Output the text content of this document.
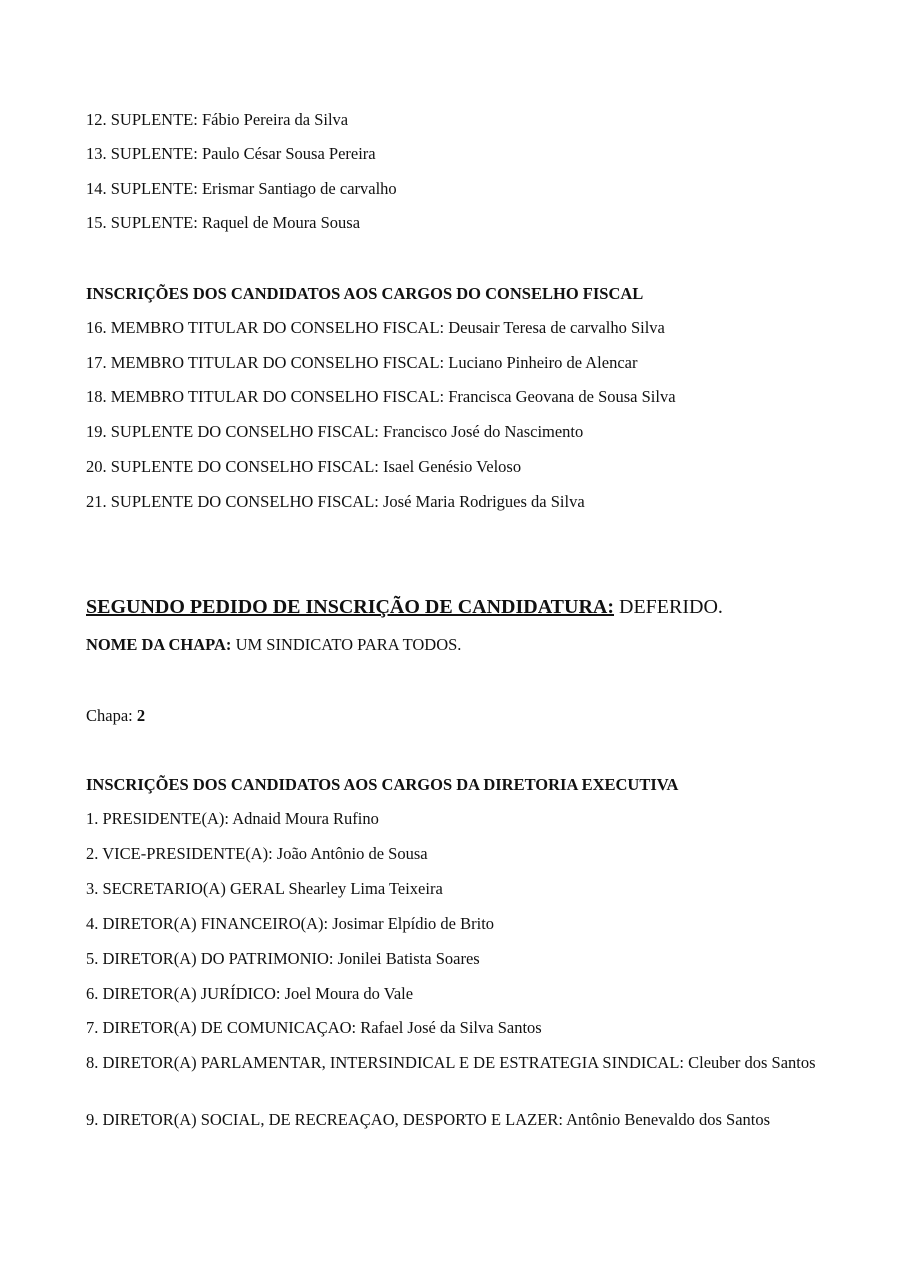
12. SUPLENTE: Fábio Pereira da Silva
13. SUPLENTE: Paulo César Sousa Pereira
14. SUPLENTE: Erismar Santiago de carvalho
15. SUPLENTE: Raquel de Moura Sousa
INSCRIÇÕES DOS CANDIDATOS AOS CARGOS DO CONSELHO FISCAL
16. MEMBRO TITULAR DO CONSELHO FISCAL: Deusair Teresa de carvalho Silva
17. MEMBRO TITULAR DO CONSELHO FISCAL: Luciano Pinheiro de Alencar
18. MEMBRO TITULAR DO CONSELHO FISCAL: Francisca Geovana de Sousa Silva
19. SUPLENTE DO CONSELHO FISCAL: Francisco José do Nascimento
20. SUPLENTE DO CONSELHO FISCAL: Isael Genésio Veloso
21. SUPLENTE DO CONSELHO FISCAL: José Maria Rodrigues da Silva
SEGUNDO PEDIDO DE INSCRIÇÃO DE CANDIDATURA: DEFERIDO.
NOME DA CHAPA: UM SINDICATO PARA TODOS.
Chapa: 2
INSCRIÇÕES DOS CANDIDATOS AOS CARGOS DA DIRETORIA EXECUTIVA
1. PRESIDENTE(A): Adnaid Moura Rufino
2. VICE-PRESIDENTE(A): João Antônio de Sousa
3. SECRETARIO(A) GERAL Shearley Lima Teixeira
4. DIRETOR(A) FINANCEIRO(A): Josimar Elpídio de Brito
5. DIRETOR(A) DO PATRIMONIO: Jonilei Batista Soares
6. DIRETOR(A) JURÍDICO: Joel Moura do Vale
7. DIRETOR(A) DE COMUNICAÇAO: Rafael José da Silva Santos
8. DIRETOR(A) PARLAMENTAR, INTERSINDICAL E DE ESTRATEGIA SINDICAL: Cleuber dos Santos
9. DIRETOR(A) SOCIAL, DE RECREAÇAO, DESPORTO E LAZER: Antônio Benevaldo dos Santos
